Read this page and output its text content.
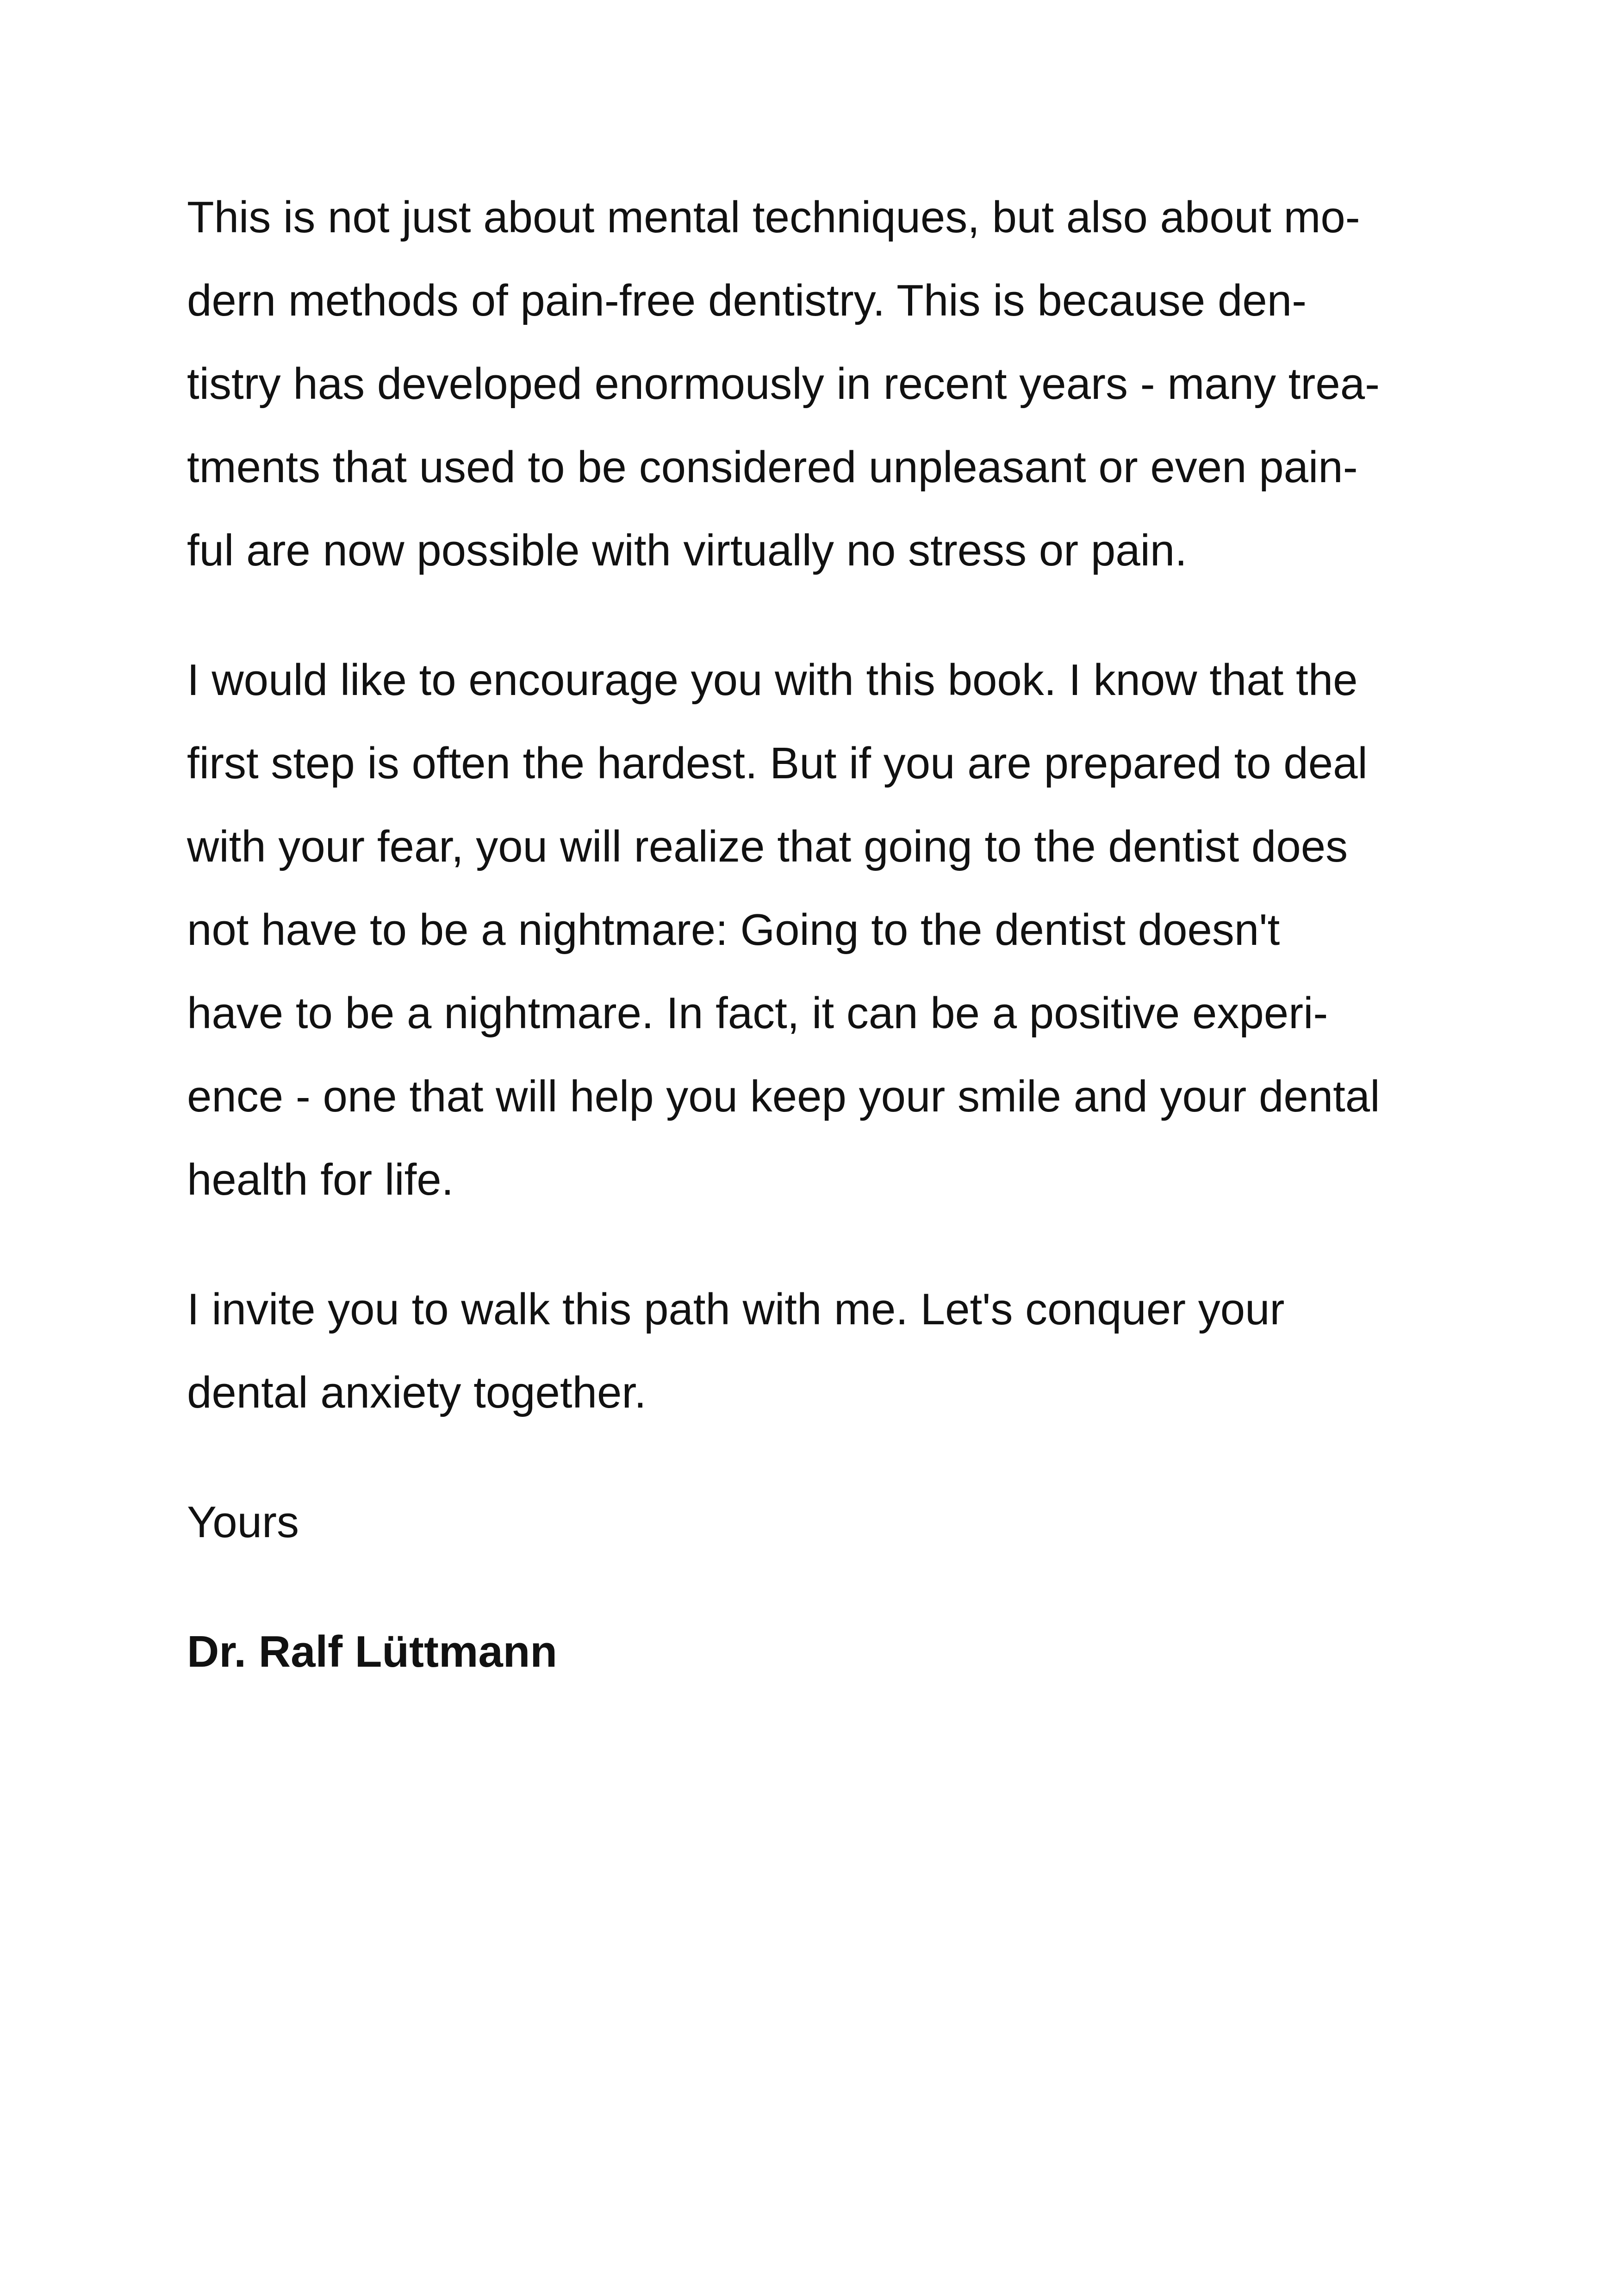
This is not just about mental techniques, but also about mo-
dern methods of pain-free dentistry. This is because den-
tistry has developed enormously in recent years - many trea-
tments that used to be considered unpleasant or even pain-
ful are now possible with virtually no stress or pain.
I would like to encourage you with this book. I know that the
first step is often the hardest. But if you are prepared to deal
with your fear, you will realize that going to the dentist does
not have to be a nightmare: Going to the dentist doesn't
have to be a nightmare. In fact, it can be a positive experi-
ence - one that will help you keep your smile and your dental
health for life.
I invite you to walk this path with me. Let's conquer your
dental anxiety together.
Yours
Dr. Ralf Lüttmann
